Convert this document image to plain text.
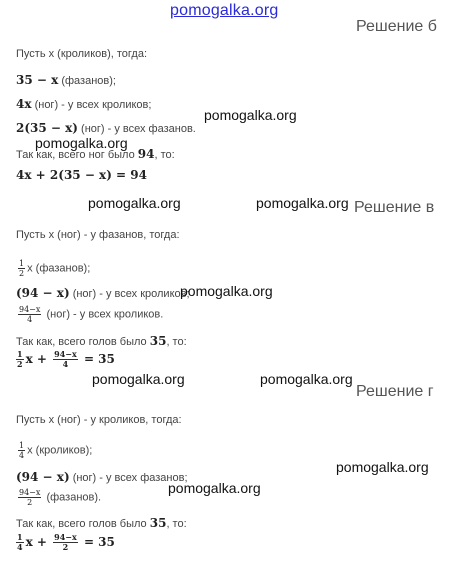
pomogalka.org
Решение б
Пусть x (кроликов), тогда:
35 − x (фазанов);
4x (ног) - у всех кроликов;
2(35 − x) (ног) - у всех фазанов.
Так как, всего ног было 94, то:
4x + 2(35 − x) = 94
Решение в
Пусть x (ног) - у фазанов, тогда:
$\frac{1}{2}$ x (фазанов);
(94 − x) (ног) - у всех кроликов;
$\frac{94-x}{4} (ног)$ - у всех кроликов.
Так как, всего голов было 35, то:
$\frac{1}{2}$ $x + \frac{94-x}{4} = 35$
Решение г
Пусть x (ног) - у кроликов, тогда:
$\frac{1}{4}$ x (кроликов);
(94 − x) (ног) - у всех фазанов;
$\frac{94-x}{2}$ (фазанов).
Так как, всего голов было 35, то:
$\frac{1}{4}$ $x + \frac{94-x}{2} = 35$
pomogalka.org
pomogalka.org
pomogalka.org	pomogalka.org
pomogalka.org
pomogalka.org	pomogalka.org
pomogalka.org
pomogalka.org
